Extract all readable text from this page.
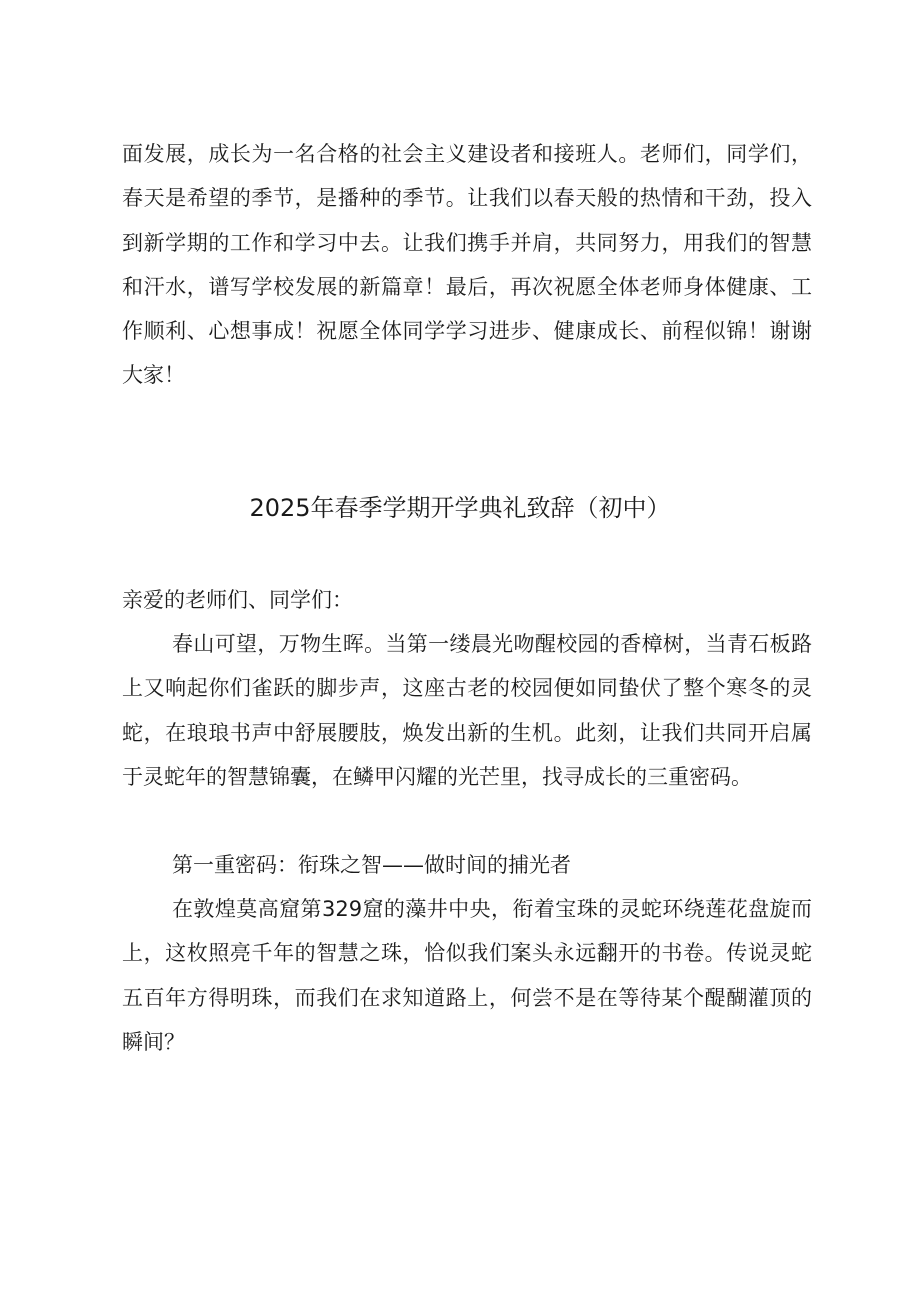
面发展，成长为一名合格的社会主义建设者和接班人。老师们，同学们，春天是希望的季节，是播种的季节。让我们以春天般的热情和干劲，投入到新学期的工作和学习中去。让我们携手并肩，共同努力，用我们的智慧和汗水，谱写学校发展的新篇章！最后，再次祝愿全体老师身体健康、工作顺利、心想事成！祝愿全体同学学习进步、健康成长、前程似锦！谢谢大家！

2025年春季学期开学典礼致辞（初中）

亲爱的老师们、同学们：

春山可望，万物生晖。当第一缕晨光吻醒校园的香樟树，当青石板路上又响起你们雀跃的脚步声，这座古老的校园便如同蛰伏了整个寒冬的灵蛇，在琅琅书声中舒展腰肢，焕发出新的生机。此刻，让我们共同开启属于灵蛇年的智慧锦囊，在鳞甲闪耀的光芒里，找寻成长的三重密码。

第一重密码：衔珠之智——做时间的捕光者

在敦煌莫高窟第329窟的藻井中央，衔着宝珠的灵蛇环绕莲花盘旋而上，这枚照亮千年的智慧之珠，恰似我们案头永远翻开的书卷。传说灵蛇五百年方得明珠，而我们在求知道路上，何尝不是在等待某个醍醐灌顶的瞬间？
